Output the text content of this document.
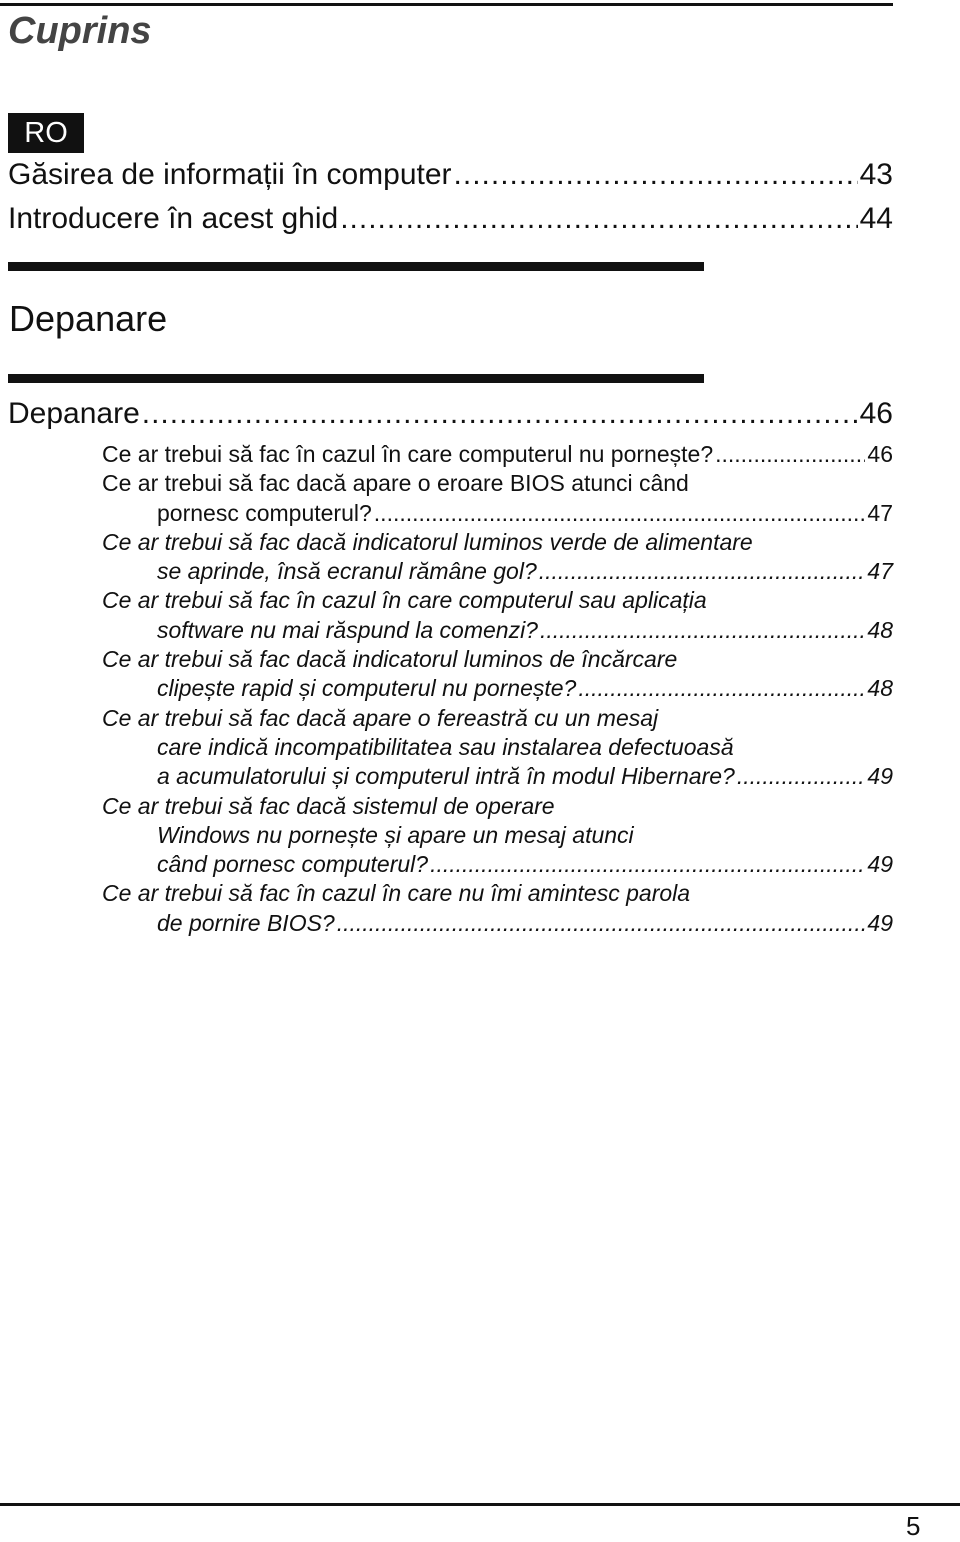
Cuprins
RO
Găsirea de informații în computer .....	43
Introducere în acest ghid .....	44
Depanare
Depanare .....	46
Ce ar trebui să fac în cazul în care computerul nu pornește? .....	46
Ce ar trebui să fac dacă apare o eroare BIOS atunci când
pornesc computerul? .....	47
Ce ar trebui să fac dacă indicatorul luminos verde de alimentare
se aprinde, însă ecranul rămâne gol? .....	47
Ce ar trebui să fac în cazul în care computerul sau aplicația
software nu mai răspund la comenzi? .....	48
Ce ar trebui să fac dacă indicatorul luminos de încărcare
clipește rapid și computerul nu pornește? .....	48
Ce ar trebui să fac dacă apare o fereastră cu un mesaj
care indică incompatibilitatea sau instalarea defectuoasă
a acumulatorului și computerul intră în modul Hibernare? .....	49
Ce ar trebui să fac dacă sistemul de operare
Windows nu pornește și apare un mesaj atunci
când pornesc computerul? .....	49
Ce ar trebui să fac în cazul în care nu îmi amintesc parola
de pornire BIOS? .....	49
5
